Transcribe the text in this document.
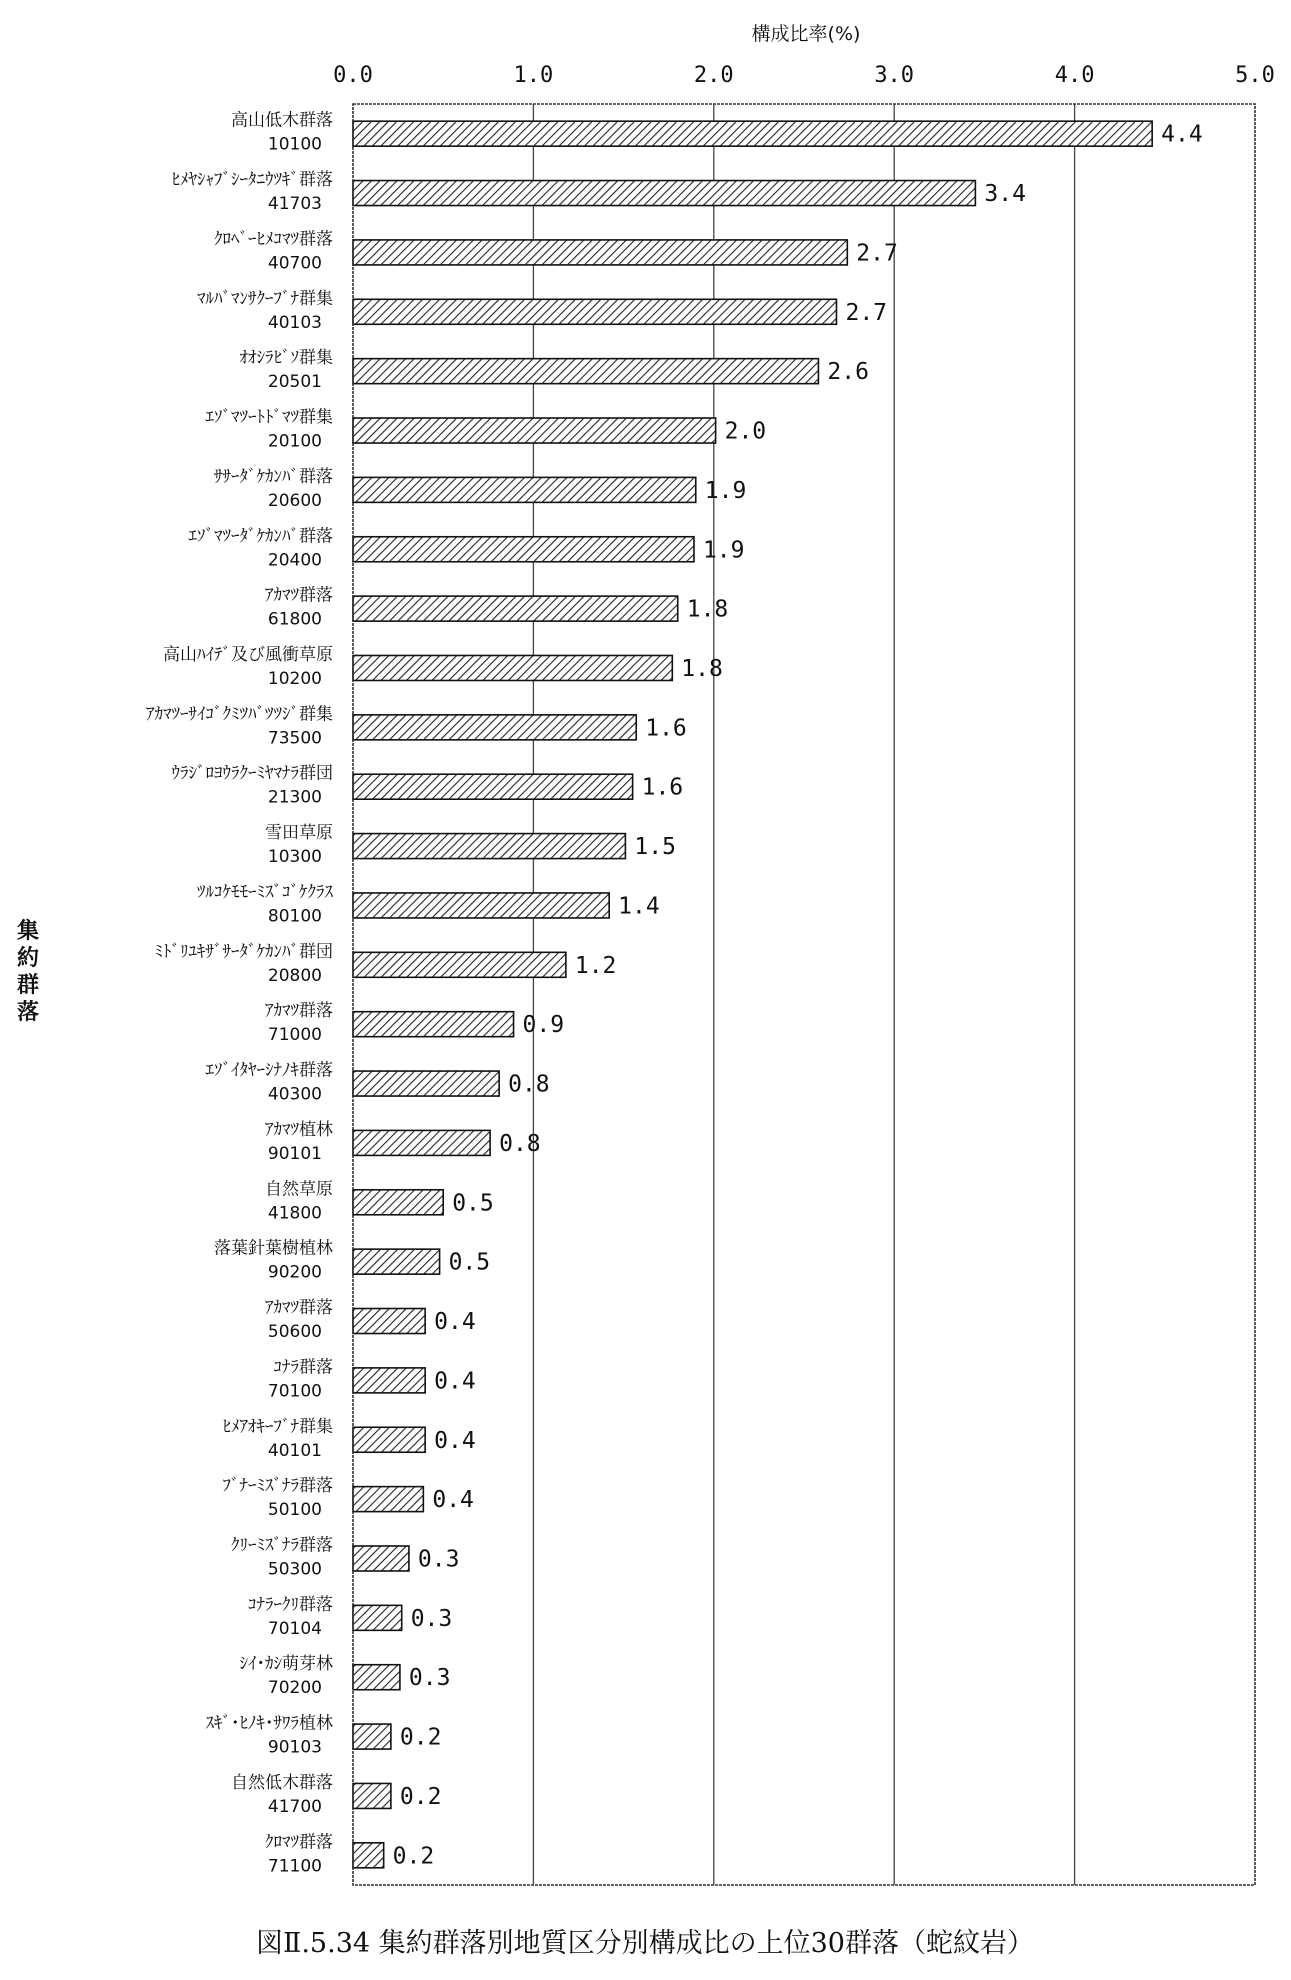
0.0	1.0	2.0	3.0	4.0	5.0
高山低木群落
10100
ﾋﾒﾔｼｬﾌﾞｼｰﾀﾆｳﾂｷﾞ群落
41703
ｸﾛﾍﾞｰﾋﾒｺﾏﾂ群落
40700
ﾏﾙﾊﾞﾏﾝｻｸｰﾌﾞﾅ群集
40103
ｵｵｼﾗﾋﾞｿ群集
20501
ｴｿﾞﾏﾂｰﾄﾄﾞﾏﾂ群集
20100
ｻｻｰﾀﾞｹｶﾝﾊﾞ群落
20600
ｴｿﾞﾏﾂｰﾀﾞｹｶﾝﾊﾞ群落
20400
ｱｶﾏﾂ群落
61800
高山ﾊｲﾃﾞ及び風衝草原
10200
ｱｶﾏﾂｰｻｲｺﾞｸﾐﾂﾊﾞﾂﾂｼﾞ群集
73500
ｳﾗｼﾞﾛﾖｳﾗｸｰﾐﾔﾏﾅﾗ群団
21300
雪田草原
10300
ﾂﾙｺｹﾓﾓｰﾐｽﾞｺﾞｹｸﾗｽ
80100
ﾐﾄﾞﾘﾕｷｻﾞｻｰﾀﾞｹｶﾝﾊﾞ群団
20800
ｱｶﾏﾂ群落
71000
ｴｿﾞｲﾀﾔｰｼﾅﾉｷ群落
40300
ｱｶﾏﾂ植林
90101
自然草原
41800
落葉針葉樹植林
90200
ｱｶﾏﾂ群落
50600
ｺﾅﾗ群落
70100
ﾋﾒｱｵｷｰﾌﾞﾅ群集
40101
ﾌﾞﾅｰﾐｽﾞﾅﾗ群落
50100
ｸﾘｰﾐｽﾞﾅﾗ群落
50300
ｺﾅﾗｰｸﾘ群落
70104
ｼｲ･ｶｼ萌芽林
70200
ｽｷﾞ･ﾋﾉｷ･ｻﾜﾗ植林
90103
自然低木群落
41700
ｸﾛﾏﾂ群落
71100
4.4
3.4
2.7
2.7
2.6
2.0
1.9
1.9
1.8
1.8
1.6
1.6
1.5
1.4
1.2
0.9
0.8
0.8
0.5
0.5
0.4
0.4
0.4
0.4
0.3
0.3
0.3
0.2
0.2
0.2
構成比率(%)
集
約
群
落
図Ⅱ.5.34 集約群落別地質区分別構成比の上位30群落（蛇紋岩）
